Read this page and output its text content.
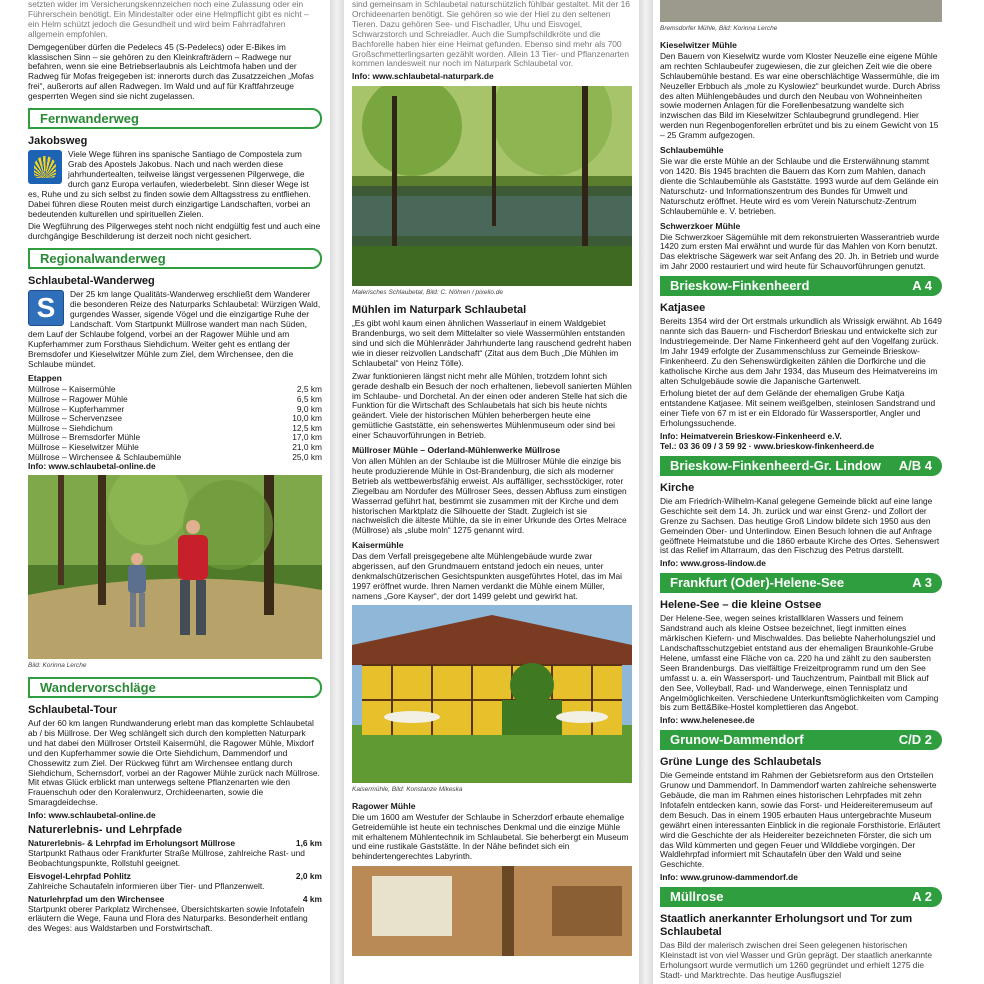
setzten wider im Versicherungskennzeichen noch eine Zulassung oder ein Führerschein benötigt. Ein Mindestalter oder eine Helmpflicht gibt es nicht – ein Helm schützt jedoch die Gesundheit und wird beim Fahrradfahren allgemein empfohlen.

Demgegenüber dürfen die Pedelecs 45 (S-Pedelecs) oder E-Bikes im klassischen Sinn – sie gehören zu den Kleinkrafträdern – Radwege nur befahren, wenn sie eine Betriebserlaubnis als Leichtmofa haben und der Radweg für Mofas freigegeben ist: innerorts durch das Zusatzzeichen „Mofas frei“, außerorts auf allen Radwegen. Im Wald und auf für Kraftfahrzeuge gesperrten Wegen sind sie nicht zugelassen.

Fernwanderweg
Jakobsweg

Viele Wege führen ins spanische Santiago de Compostela zum Grab des Apostels Jakobus. Nach und nach werden diese jahrhundertealten, teilweise längst vergessenen Pilgerwege, die durch ganz Europa verlaufen, wiederbelebt. Sinn dieser Wege ist es, Ruhe und zu sich selbst zu finden sowie dem Alltagsstress zu entfliehen. Dabei führen diese Routen meist durch einzigartige Landschaften, vorbei an bedeutenden kulturellen und spirituellen Zielen.

Die Wegführung des Pilgerweges steht noch nicht endgültig fest und auch eine durchgängige Beschilderung ist derzeit noch nicht gesichert.

Regionalwanderweg
Schlaubetal-Wanderweg
S	Der 25 km lange Qualitäts-Wanderweg erschließt dem Wanderer die besonderen Reize des Naturparks Schlaubetal: Würzigen Wald, gurgendes Wasser, sigende Vögel und die einzigartige Ruhe der Landschaft. Vom Startpunkt Müllrose wandert man nach Süden, dem Lauf der Schlaube folgend, vorbei an der Ragower Mühle und am Kupferhammer zum Forsthaus Siehdichum. Weiter geht es entlang der Bremsdofer und Kieselwitzer Mühle zum Ziel, dem Wirchensee, den die Schlaube mündet.

Etappen
Müllrose – Kaisermühle	2,5 km
Müllrose – Ragower Mühle	6,5 km
Müllrose – Kupferhammer	9,0 km
Müllrose – Schervenzsee	10,0 km
Müllrose – Siehdichum	12,5 km
Müllrose – Bremsdorfer Mühle	17,0 km
Müllrose – Kieselwitzer Mühle	21,0 km
Müllrose – Wirchensee & Schlaubemühle	25,0 km

Info: www.schlaubetal-online.de

Bild: Korinna Lerche
Wandervorschläge
Schlaubetal-Tour

Auf der 60 km langen Rundwanderung erlebt man das komplette Schlaubetal ab / bis Müllrose. Der Weg schlängelt sich durch den kompletten Naturpark und hat dabei den Müllroser Ortsteil Kaisermühl, die Ragower Mühle, Mixdorf und den Kupferhammer sowie die Orte Siehdichum, Dammendorf und Chossewitz zum Ziel. Der Rückweg führt am Wirchensee entlang durch Siehdichum, Schernsdorf, vorbei an der Ragower Mühle zurück nach Müllrose. Mit etwas Glück erblickt man unterwegs seltene Pflanzenarten wie den Frauenschuh oder den Koralenwurz, Orchideenarten, sowie die Smaragdeidechse.

Info: www.schlaubetal-online.de

Naturerlebnis- und Lehrpfade
Naturerlebnis- & Lehrpfad im Erholungsort Müllrose	1,6 km

Startpunkt Rathaus oder Frankfurter Straße Müllrose, zahlreiche Rast- und Beobachtungspunkte, Rollstuhl geeignet.

Eisvogel-Lehrpfad Pohlitz	2,0 km

Zahlreiche Schautafeln informieren über Tier- und Pflanzenwelt.

Naturlehrpfad um den Wirchensee	4 km

Startpunkt oberer Parkplatz Wirchensee, Übersichtskarten sowie Infotafeln erläutern die Wege, Fauna und Flora des Naturparks. Besonderheit entlang des Weges: aus Waldstarben und Forstwirtschaft.

sind gemeinsam in Schlaubetal naturschützlich fühlbar gestaltet. Mit der 16 Orchideenarten benötigt. Sie gehören so wie der Hiel zu den seltenen Tieren. Dazu gehören See- und Fischadler, Uhu und Eisvogel, Schwarzstorch und Schreiadler. Auch die Sumpfschildkröte und die Bachforelle haben hier eine Heimat gefunden. Ebenso sind mehr als 700 Großschmetterlingsarten gezählt worden. Allein 13 Tier- und Pflanzenarten kommen landesweit nur noch im Naturpark Schlaubetal vor.

Info: www.schlaubetal-naturpark.de

Malerisches Schlaubetal, Bild: C. Nöhren / pixelio.de
Mühlen im Naturpark Schlaubetal

„Es gibt wohl kaum einen ähnlichen Wasserlauf in einem Waldgebiet Brandenburgs, wo seit dem Mittelalter so viele Wassermühlen entstanden sind und sich die Mühlenräder Jahrhunderte lang rauschend gedreht haben wie in dieser reizvollen Landschaft“ (Zitat aus dem Buch „Die Mühlen im Schlaubetal“ von Heinz Tölle).

Zwar funktionieren längst nicht mehr alle Mühlen, trotzdem lohnt sich gerade deshalb ein Besuch der noch erhaltenen, liebevoll sanierten Mühlen im Schlaube- und Dorchetal. An der einen oder anderen Stelle hat sich die Funktion für die Wirtschaft des Schlaubetals hat sich bis heute nichts geändert. Viele der historischen Mühlen beherbergen heute eine gemütliche Gaststätte, ein sehenswertes Mühlenmuseum oder sind bei einer Schauvorführungen in Betrieb.

Müllroser Mühle – Oderland-Mühlenwerke Müllrose

Von allen Mühlen an der Schlaube ist die Müllroser Mühle die einzige bis heute produzierende Mühle in Ost-Brandenburg, die sich als moderner Betrieb als wettbewerbsfähig erweist. Als auffälliger, sechsstöckiger, roter Ziegelbau am Nordufer des Müllroser Sees, dessen Abfluss zum einstigen Wasserrad geführt hat, bestimmt sie zusammen mit der Kirche und dem historischen Marktplatz die Silhouette der Stadt. Zugleich ist sie nachweislich die älteste Mühle, da sie in einer Urkunde des Ortes Melrace (Müllrose) als „slube moln“ 1275 genannt wird.

Kaisermühle

Das dem Verfall preisgegebene alte Mühlengebäude wurde zwar abgerissen, auf den Grundmauern entstand jedoch ein neues, unter denkmalschützerischen Gesichtspunkten ausgeführtes Hotel, das im Mai 1997 eröffnet wurde. Ihren Namen verdankt die Mühle einem Müller, namens „Gore Kayser“, der dort 1499 gelebt und gewirkt hat.

Kaisermühle, Bild: Konstanze Mikeska
Ragower Mühle

Die um 1600 am Westufer der Schlaube in Scherzdorf erbaute ehemalige Getreidemühle ist heute ein technisches Denkmal und die einzige Mühle mit erhaltenem Mühlentechnik im Schlaubetal. Sie beherbergt ein Museum und eine rustikale Gaststätte. In der Nähe befindet sich ein behindertengerechtes Labyrinth.

Bremsdorfer Mühle, Bild: Korinna Lerche
Kieselwitzer Mühle

Den Bauern von Kieselwitz wurde vom Kloster Neuzelle eine eigene Mühle am rechten Schlaubeufer zugewiesen, die zur gleichen Zeit wie die obere Schlaubemühle bestand. Es war eine oberschlächtige Wassermühle, die im Neuzeller Erbbuch als „mole zu Kyslowiez“ beurkundet wurde. Durch Abriss des alten Mühlengebäudes und durch den Neubau von Wohneinheiten sowie modernen Anlagen für die Forellenbesatzung wandelte sich inzwischen das Bild im Kieselwitzer Schlaubegrund grundlegend. Hier werden nun Regenbogenforellen erbrütet und bis zu einem Gewicht von 15 – 25 Gramm aufgezogen.

Schlaubemühle

Sie war die erste Mühle an der Schlaube und die Ersterwähnung stammt von 1420. Bis 1945 brachten die Bauern das Korn zum Mahlen, danach diente die Schlaubemühle als Gaststätte. 1993 wurde auf dem Gelände ein Naturschutz- und Informationszentrum des Bundes für Umwelt und Naturschutz eröffnet. Heute wird es vom Verein Naturschutz-Zentrum Schlaubemühle e. V. betrieben.

Schwerzkoer Mühle

Die Schwerzkoer Sägemühle mit dem rekonstruierten Wasserantrieb wurde 1420 zum ersten Mal erwähnt und wurde für das Mahlen von Korn benutzt. Das elektrische Sägewerk war seit Anfang des 20. Jh. in Betrieb und wurde im Jahr 2000 restauriert und wird heute für Schauvorführungen genutzt.

Brieskow-Finkenheerd	A 4
Katjasee

Bereits 1354 wird der Ort erstmals urkundlich als Wrissigk erwähnt. Ab 1649 nannte sich das Bauern- und Fischerdorf Brieskau und entwickelte sich zur Industriegemeinde. Der Name Finkenheerd geht auf den Vogelfang zurück. Im Jahr 1949 erfolgte der Zusammenschluss zur Gemeinde Brieskow-Finkenheerd. Zu den Sehenswürdigkeiten zählen die Dorfkirche und die katholische Kirche aus dem Jahr 1934, das Museum des Heimatvereins im alten Schulgebäude sowie die Japanische Gartenwelt.

Erholung bietet der auf dem Gelände der ehemaligen Grube Katja entstandene Katjasee. Mit seinem weißgelben, steinlosen Sandstrand und einer Tiefe von 67 m ist er ein Eldorado für Wassersportler, Angler und Erholungssuchende.

Info: Heimatverein Brieskow-Finkenheerd e.V.

Tel.: 03 36 09 / 3 59 92 · www.brieskow-finkenheerd.de

Brieskow-Finkenheerd-Gr. Lindow A/B 4
Kirche

Die am Friedrich-Wilhelm-Kanal gelegene Gemeinde blickt auf eine lange Geschichte seit dem 14. Jh. zurück und war einst Grenz- und Zollort der Grenze zu Sachsen. Das heutige Groß Lindow bildete sich 1950 aus den Gemeinden Ober- und Unterlindow. Einen Besuch lohnen die auf Anfrage geöffnete Heimatstube und die 1860 erbaute Kirche des Ortes. Sehenswert ist das Relief im Altarraum, das den Fischzug des Petrus darstellt.

Info: www.gross-lindow.de

Frankfurt (Oder)-Helene-See	A 3
Helene-See – die kleine Ostsee

Der Helene-See, wegen seines kristallklaren Wassers und feinem Sandstrand auch als kleine Ostsee bezeichnet, liegt inmitten eines märkischen Kiefern- und Mischwaldes. Das beliebte Naherholungsziel und Landschaftsschutzgebiet entstand aus der ehemaligen Braunkohle-Grube Helene, umfasst eine Fläche von ca. 220 ha und zählt zu den saubersten Seen Brandenburgs. Das vielfältige Freizeitprogramm rund um den See umfasst u. a. ein Wassersport- und Tauchzentrum, Paintball mit Blick auf den See, Volleyball, Rad- und Wanderwege, einen Tennisplatz und Angelmöglichkeiten. Verschiedene Unterkunftsmöglichkeiten vom Camping bis zum Bett&Bike-Hostel komplettieren das Angebot.

Info: www.helenesee.de

Grunow-Dammendorf	C/D 2
Grüne Lunge des Schlaubetals

Die Gemeinde entstand im Rahmen der Gebietsreform aus den Ortsteilen Grunow und Dammendorf. In Dammendorf warten zahlreiche sehenswerte Gebäude, die man im Rahmen eines historischen Lehrpfades mit zehn Infotafeln entdecken kann, sowie das Forst- und Heidereiteremuseum auf dem Besuch. Das in einem 1905 erbauten Haus untergebrachte Museum gewährt einen interessanten Einblick in die regionale Forsthistorie. Erläutert wird die Geschichte der als Heidereiter bezeichneten Förster, die sich um das Wild kümmerten und gegen Feuer und Wilddiebe vorgingen. Der Waldlehrpfad informiert mit Schautafeln über den Wald und seine Geschichte.

Info: www.grunow-dammendorf.de

Müllrose	A 2
Staatlich anerkannter Erholungsort und Tor zum Schlaubetal

Das Bild der malerisch zwischen drei Seen gelegenen historischen Kleinstadt ist von viel Wasser und Grün geprägt. Der staatlich anerkannte Erholungsort wurde vermutlich um 1260 gegründet und erhielt 1275 die Stadt- und Marktrechte. Das heutige Ausflugsziel
